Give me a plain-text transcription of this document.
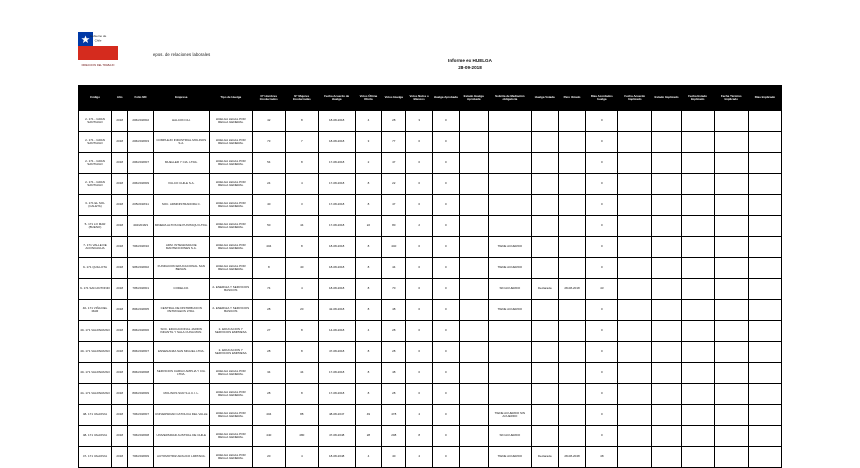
Gobierno de
Chile
DIRECCION DEL TRABAJO
epos. de relaciones laborales
Informe ex HUELGA
28-09-2018
Código	Año	Folio MC	Empresa	Tipo de Huelga	N° Hombres Involucrados	N° Mujeres Involucradas	Fecha Acuerdo de Huelga	Votos Última Oferta	Votos Huelga	Votos Nulos o Blancos	Huelga Aprobada	Estado Huelga Aprobada	Solicita de Mediación obligatoria	Huelga Votada	Paro Votado	Días Acordados huelga	Fecha Acuerdo Implicado	Estado Implicado	Fecha Estado Implicado	Fecha Término Implicado	Días Implicado
2- 171 - GRAN SANTIAGO	2018	206/2018/02	HALCON CH.	HUELGA LEGAL POR REGLA GENERAL	42	8	18-08-2018	4	28	3	0					0					
2- 171 - GRAN SANTIAGO	2018	206/2018/03	COMPLEJO INDUSTRIAL MOLINOS S.A.	HUELGA LEGAL POR REGLA GENERAL	73	7	18-08-2018	3	77	0	0					0					
2- 171 - GRAN SANTIAGO	2018	206/2018/07	MUELLER Y CIA. LTDA.	HUELGA LEGAL POR REGLA GENERAL	54	8	17-08-2018	2	47	0	0					0					
2- 171 - GRAN SANTIAGO	2018	206/2018/09	VULCO CHILE S.A.	HUELGA LEGAL POR REGLA GENERAL	24	4	17-08-2018	8	22	0	0					0					
3- 171 EL SOL (CALETA)	2018	205/2018/11	SOC. ADMINISTRADORA C.	HUELGA LEGAL POR REGLA GENERAL	40	3	17-08-2018	8	47	0	0					0					
5- 171 LO MAR (BUENO)	2018	402/2018/1	MINERA ALTOS DE PUNITAQUI LTDA.	HUELGA LEGAL POR REGLA GENERAL	50	44	17-08-2018	22	80	2	0					0					
7- 171 VALLE DE ACONCAGUA	2018	706/2018/10	ADM. INTEGRADA DE MANTENCIONES S.A.	HUELGA LEGAL POR REGLA GENERAL	404	8	18-08-2018	8	440	0	0		TIENE ACUERDO			0					
9- 171 QUILLOTA	2018	905/2018/02	FUNDACION EDUCACIONAL SAN BENAN.	HUELGA LEGAL POR REGLA GENERAL	8	40	18-08-2018	8	44	0	0		TIENE ACUERDO			0					
9- 171 SAN ANTONIO	2018	705/2018/01	CODELCO.	2- ENERGIA Y SERVICIOS BASICOS	74	4	18-08-2018	8	70	0	0		SIN ACUERDO	Declarada	28-08-2018	43					
40- 171 VIÑA DEL MAR	2018	806/2018/05	CENTRAL DE DISTRIBUCION PETROLEOS LTDA.	2- ENERGIA Y SERVICIOS BASICOS	28	20	42-08-2018	8	48	0	0		TIENE ACUERDO			0					
40- 171 VALPARAISO	2018	806/2018/06	SOC. EDUCACIONAL JARDIN INFANTIL Y SALA CUNA MUN.	2- EDUCACION Y SERVICIOS EMPRESA	27	8	14-08-2018	4	28	0	0					0					
40- 171 VALPARAISO	2018	806/2018/07	ENSENANZA SAN MIGUEL LTDA.	2- EDUCACION Y SERVICIOS EMPRESA	28	8	47-08-2018	8	28	0	0					0					
40- 171 VALPARAISO	2018	806/2018/08	SERVICIOS CARGO AMPLIA Y CIA. LTDA.	HUELGA LEGAL POR REGLA GENERAL	34	44	17-08-2018	8	48	0	0					0					
44- 171 VALPARAISO	2018	806/2018/09	MOLINOS SUR S.A.C.I. L.	HUELGA LEGAL POR REGLA GENERAL	28	8	17-08-2018	8	28	0	0					0					
48- 171 VALDIVIA	2018	706/2018/07	UNIVERSIDAD CATOLICA DEL VALLE	HUELGA LEGAL POR REGLA GENERAL	404	88	48-08-2047	49	478	4	0		TIENE ACUERDO SIN ACUERDO			0					
48- 171 VALDIVIA	2018	706/2018/08	UNIVERSIDAD AUSTRAL DE CHILE	HUELGA LEGAL POR REGLA GENERAL	440	480	47-08-2048	28	208	8	0		SIN ACUERDO			0					
47- 171 VALDIVIA	2018	706/2018/09	AUTOMOTRIZ ARAUCO LIMITADA.	HUELGA LEGAL POR REGLA GENERAL	20	4	18-08-2048	4	40	4	0		TIENE ACUERDO	Declarada	28-08-2048	48					
